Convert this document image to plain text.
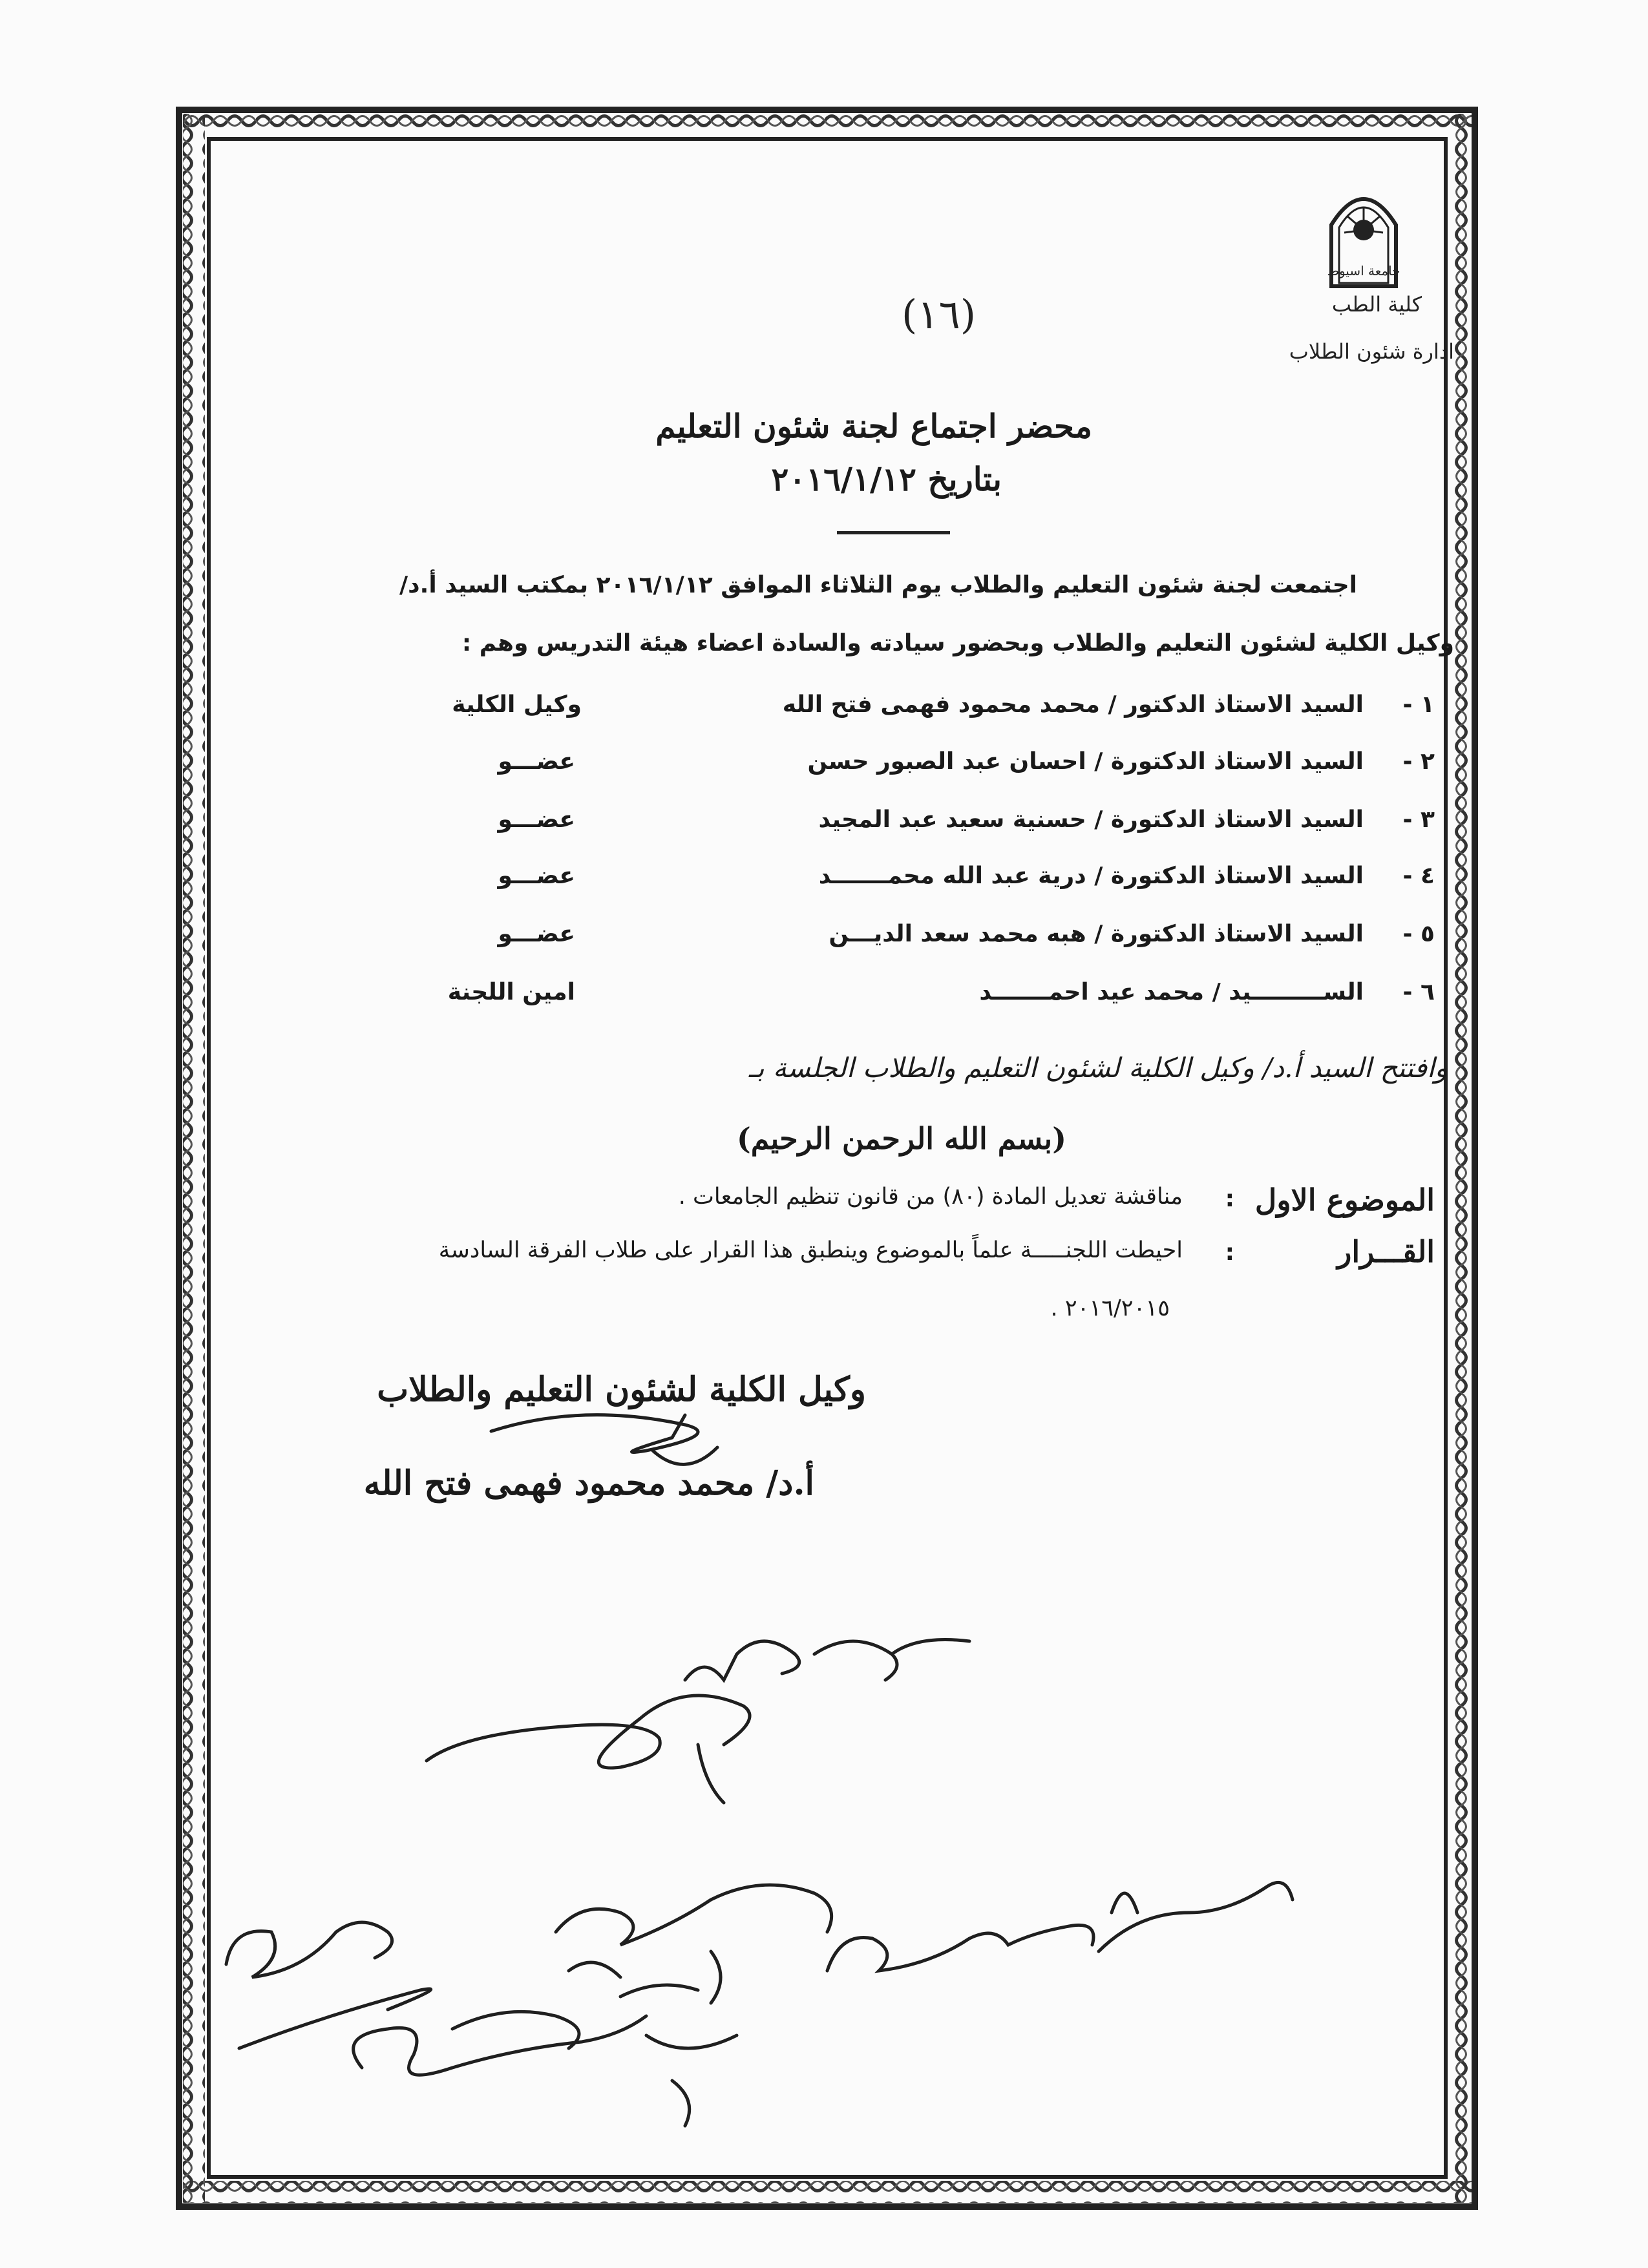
جامعة اسيوط
كلية الطب
ادارة شئون الطلاب
(١٦)
محضر اجتماع لجنة شئون التعليم
بتاريخ ٢٠١٦/١/١٢
اجتمعت لجنة شئون التعليم والطلاب يوم الثلاثاء الموافق ٢٠١٦/١/١٢ بمكتب السيد أ.د/
وكيل الكلية لشئون التعليم والطلاب وبحضور سيادته والسادة اعضاء هيئة التدريس وهم :
١ -
السيد الاستاذ الدكتور / محمد محمود فهمى فتح الله
وكيل الكلية
٢ -
السيد الاستاذ الدكتورة / احسان عبد الصبور حسن
عضـــو
٣ -
السيد الاستاذ الدكتورة / حسنية سعيد عبد المجيد
عضـــو
٤ -
السيد الاستاذ الدكتورة / درية عبد الله محمـــــــد
عضـــو
٥ -
السيد الاستاذ الدكتورة / هبه محمد سعد الديـــن
عضـــو
٦ -
الســـــــــيد / محمد عيد احمـــــــد
امين اللجنة
وافتتح السيد أ.د/ وكيل الكلية لشئون التعليم والطلاب الجلسة بـ
(بسم الله الرحمن الرحيم)
الموضوع الاول
:
مناقشة تعديل المادة (٨٠) من قانون تنظيم الجامعات .
القـــرار
:
احيطت اللجنـــــة علماً بالموضوع وينطبق هذا القرار على طلاب الفرقة السادسة
٢٠١٦/٢٠١٥ .
وكيل الكلية لشئون التعليم والطلاب
أ.د/ محمد محمود فهمى فتح الله
